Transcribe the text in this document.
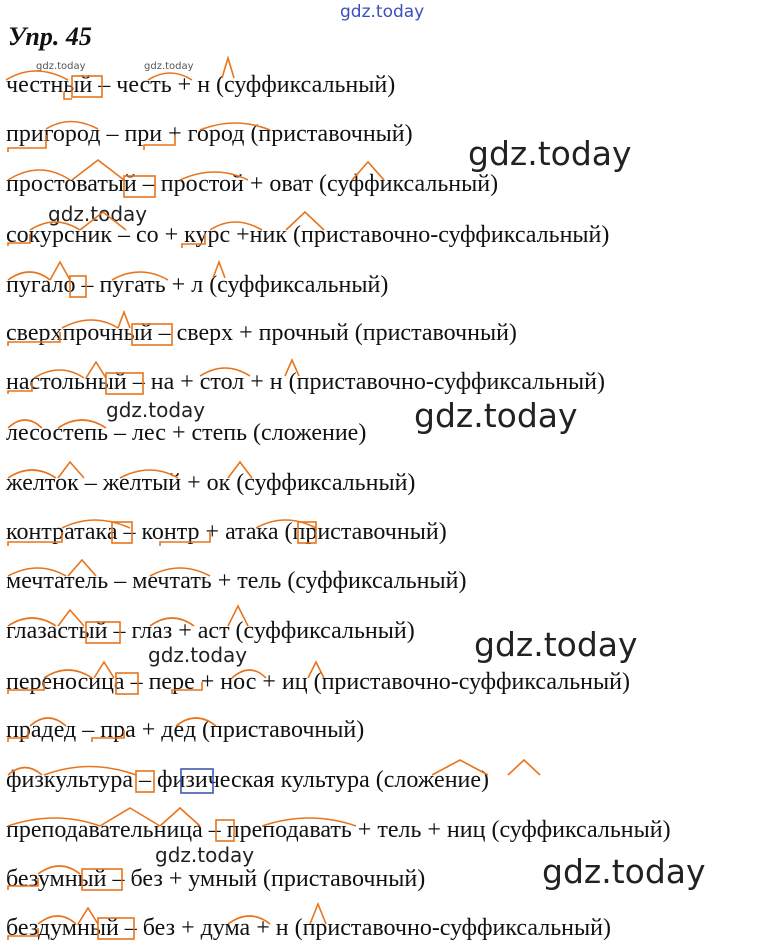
gdz.today
Упр. 45
честный – честь + н (суффиксальный)
пригород – при + город (приставочный)
простоватый – простой + оват (суффиксальный)
сокурсник – со + курс +ник (приставочно-суффиксальный)
пугало – пугать + л (суффиксальный)
сверхпрочный – сверх + прочный (приставочный)
настольный – на + стол + н (приставочно-суффиксальный)
лесостепь – лес + степь (сложение)
желток – желтый + ок (суффиксальный)
контратака – контр + атака (приставочный)
мечтатель – мечтать + тель (суффиксальный)
глазастый – глаз + аст (суффиксальный)
переносица – пере + нос + иц (приставочно-суффиксальный)
прадед – пра + дед (приставочный)
физкультура – физическая культура (сложение)
преподавательница – преподавать + тель + ниц (суффиксальный)
безумный – без + умный (приставочный)
бездумный – без + дума + н (приставочно-суффиксальный)
gdz.today	gdz.today
gdz.today
gdz.today
gdz.today	gdz.today
gdz.today
gdz.today
gdz.today	gdz.today
